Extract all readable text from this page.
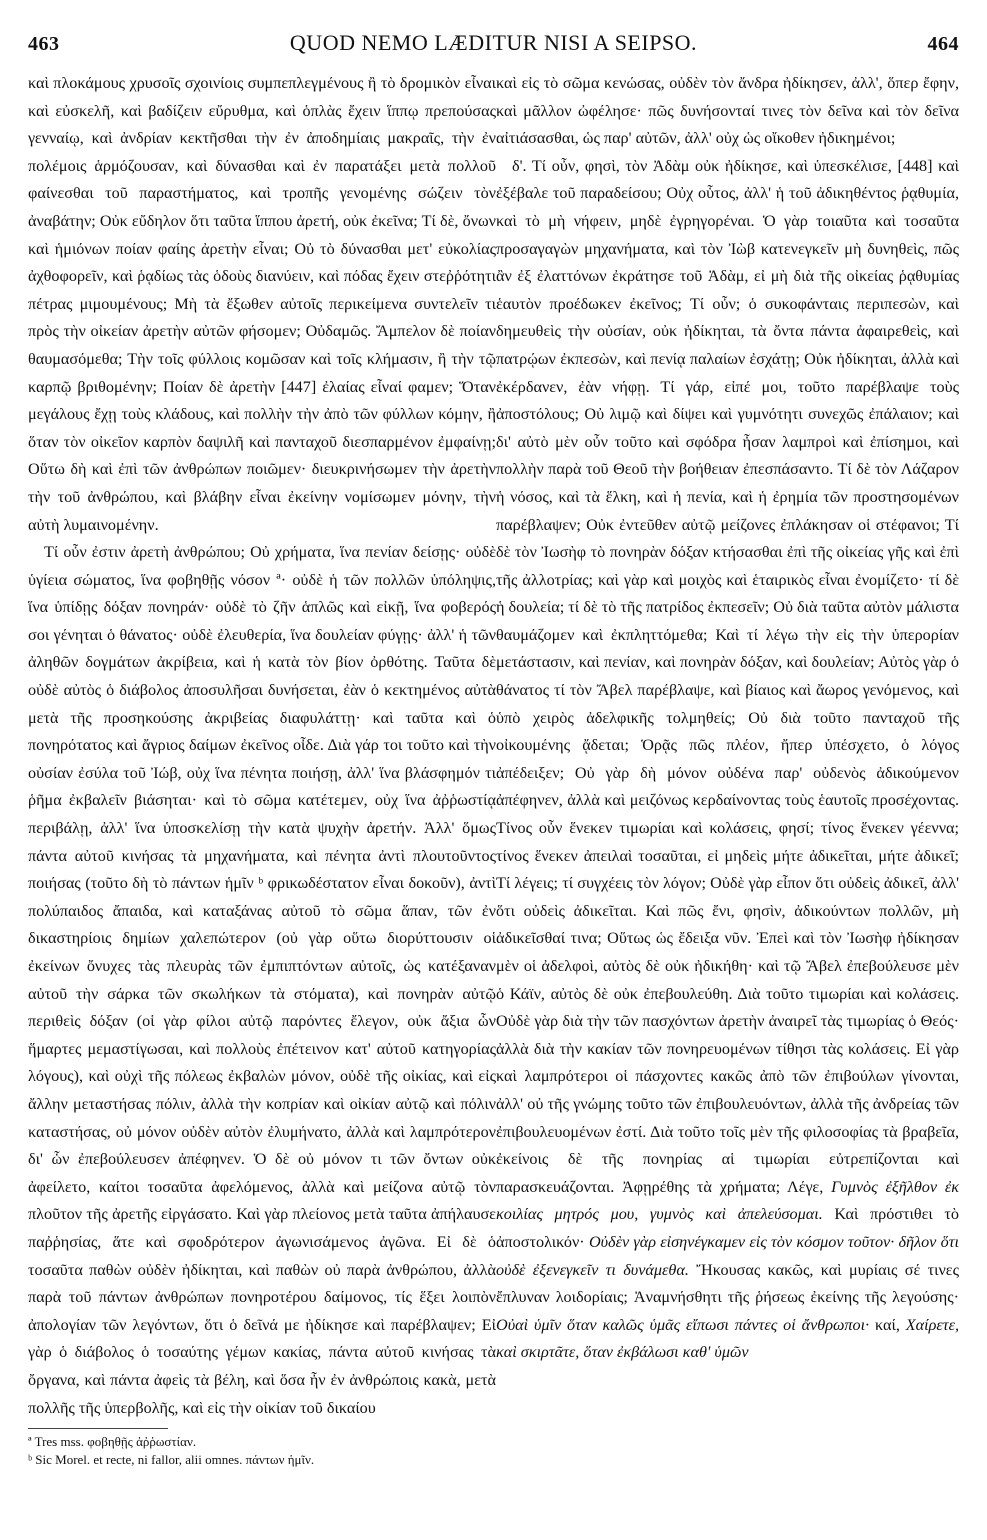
463	QUOD NEMO LÆDITUR NISI A SEIPSO.	464

καὶ πλοκάμους χρυσοῖς σχοινίοις συμπεπλεγμένους ἢ τὸ δρομικὸν εἶναι καὶ εὐσκελῆ, καὶ βαδίζειν εὔρυθμα, καὶ ὁπλὰς ἔχειν ἵππῳ πρεπούσας γενναίῳ, καὶ ἀνδρίαν κεκτῆσθαι τὴν ἐν ἀποδημίαις μακραῖς, τὴν ἐν πολέμοις ἁρμόζουσαν, καὶ δύνασθαι καὶ ἐν παρατάξει μετὰ πολλοῦ φαίνεσθαι τοῦ παραστήματος, καὶ τροπῆς γενομένης σώζειν τὸν ἀναβάτην; Οὐκ εὔδηλον ὅτι ταῦτα ἵππου ἀρετή, οὐκ ἐκεῖνα; Τί δὲ, ὄνων καὶ ἡμιόνων ποίαν φαίης ἀρετὴν εἶναι; Οὐ τὸ δύνασθαι μετ' εὐκολίας ἀχθοφορεῖν, καὶ ῥᾳδίως τὰς ὁδοὺς διανύειν, καὶ πόδας ἔχειν στεῤῥότητι πέτρας μιμουμένους; Μὴ τὰ ἔξωθεν αὐτοῖς περικείμενα συντελεῖν τι πρὸς τὴν οἰκείαν ἀρετὴν αὐτῶν φήσομεν; Οὐδαμῶς. Ἄμπελον δὲ ποίαν θαυμασόμεθα; Τὴν τοῖς φύλλοις κομῶσαν καὶ τοῖς κλήμασιν, ἢ τὴν τῷ καρπῷ βριθομένην; Ποίαν δὲ ἀρετὴν [447] ἐλαίας εἶναί φαμεν; Ὅταν μεγάλους ἔχῃ τοὺς κλάδους, καὶ πολλὴν τὴν ἀπὸ τῶν φύλλων κόμην, ἢ ὅταν τὸν οἰκεῖον καρπὸν δαψιλῆ καὶ πανταχοῦ διεσπαρμένον ἐμφαίνῃ; Οὕτω δὴ καὶ ἐπὶ τῶν ἀνθρώπων ποιῶμεν· διευκρινήσωμεν τὴν ἀρετὴν τὴν τοῦ ἀνθρώπου, καὶ βλάβην εἶναι ἐκείνην νομίσωμεν μόνην, τὴν αὐτὴ λυμαινομένην.

Τί οὖν ἐστιν ἀρετὴ ἀνθρώπου; Οὐ χρήματα, ἵνα πενίαν δείσῃς· οὐδὲ ὑγίεια σώματος, ἵνα φοβηθῇς νόσον ª· οὐδὲ ἡ τῶν πολλῶν ὑπόληψις, ἵνα ὑπίδῃς δόξαν πονηράν· οὐδὲ τὸ ζῆν ἁπλῶς καὶ εἰκῇ, ἵνα φοβερός σοι γένηται ὁ θάνατος· οὐδὲ ἐλευθερία, ἵνα δουλείαν φύγῃς· ἀλλ' ἡ τῶν ἀληθῶν δογμάτων ἀκρίβεια, καὶ ἡ κατὰ τὸν βίον ὀρθότης. Ταῦτα δὲ οὐδὲ αὐτὸς ὁ διάβολος ἀποσυλῆσαι δυνήσεται, ἐὰν ὁ κεκτημένος αὐτὰ μετὰ τῆς προσηκούσης ἀκριβείας διαφυλάττῃ· καὶ ταῦτα καὶ ὁ πονηρότατος καὶ ἄγριος δαίμων ἐκεῖνος οἶδε. Διὰ γάρ τοι τοῦτο καὶ τὴν οὐσίαν ἐσύλα τοῦ Ἰώβ, οὐχ ἵνα πένητα ποιήσῃ, ἀλλ' ἵνα βλάσφημόν τι ῥῆμα ἐκβαλεῖν βιάσηται· καὶ τὸ σῶμα κατέτεμεν, οὐχ ἵνα ἀῤῥωστίᾳ περιβάλῃ, ἀλλ' ἵνα ὑποσκελίσῃ τὴν κατὰ ψυχὴν ἀρετήν. Ἀλλ' ὅμως πάντα αὐτοῦ κινήσας τὰ μηχανήματα, καὶ πένητα ἀντὶ πλουτοῦντος ποιήσας (τοῦτο δὴ τὸ πάντων ἡμῖν ᵇ φρικωδέστατον εἶναι δοκοῦν), ἀντὶ πολύπαιδος ἄπαιδα, καὶ καταξάνας αὐτοῦ τὸ σῶμα ἅπαν, τῶν ἐν δικαστηρίοις δημίων χαλεπώτερον (οὐ γὰρ οὕτω διορύττουσιν οἱ ἐκείνων ὄνυχες τὰς πλευρὰς τῶν ἐμπιπτόντων αὐτοῖς, ὡς κατέξαναν αὐτοῦ τὴν σάρκα τῶν σκωλήκων τὰ στόματα), καὶ πονηρὰν αὐτῷ περιθεὶς δόξαν (οἱ γὰρ φίλοι αὐτῷ παρόντες ἔλεγον, οὐκ ἄξια ὧν ἥμαρτες μεμαστίγωσαι, καὶ πολλοὺς ἐπέτεινον κατ' αὐτοῦ κατηγορίας λόγους), καὶ οὐχὶ τῆς πόλεως ἐκβαλὼν μόνον, οὐδὲ τῆς οἰκίας, καὶ εἰς ἄλλην μεταστήσας πόλιν, ἀλλὰ τὴν κοπρίαν καὶ οἰκίαν αὐτῷ καὶ πόλιν καταστήσας, οὐ μόνον οὐδὲν αὐτὸν ἐλυμήνατο, ἀλλὰ καὶ λαμπρότερον δι' ὧν ἐπεβούλευσεν ἀπέφηνεν. Ὁ δὲ οὐ μόνον τι τῶν ὄντων οὐκ ἀφείλετο, καίτοι τοσαῦτα ἀφελόμενος, ἀλλὰ καὶ μείζονα αὐτῷ τὸν πλοῦτον τῆς ἀρετῆς εἰργάσατο. Καὶ γὰρ πλείονος μετὰ ταῦτα ἀπήλαυσε παῤῥησίας, ἅτε καὶ σφοδρότερον ἀγωνισάμενος ἀγῶνα. Εἰ δὲ ὁ τοσαῦτα παθὼν οὐδὲν ἠδίκηται, καὶ παθὼν οὐ παρὰ ἀνθρώπου, ἀλλὰ παρὰ τοῦ πάντων ἀνθρώπων πονηροτέρου δαίμονος, τίς ἕξει λοιπὸν ἀπολογίαν τῶν λεγόντων, ὅτι ὁ δεῖνά με ἠδίκησε καὶ παρέβλαψεν; Εἰ γὰρ ὁ διάβολος ὁ τοσαύτης γέμων κακίας, πάντα αὐτοῦ κινήσας τὰ ὄργανα, καὶ πάντα ἀφεὶς τὰ βέλη, καὶ ὅσα ἦν ἐν ἀνθρώποις κακὰ, μετὰ πολλῆς τῆς ὑπερβολῆς, καὶ εἰς τὴν οἰκίαν τοῦ δικαίου

ª Tres mss. φοβηθῇς ἀῤῥωστίαν.
ᵇ Sic Morel. et recte, ni fallor, alii omnes. πάντων ἡμῖν.

καὶ εἰς τὸ σῶμα κενώσας, οὐδὲν τὸν ἄνδρα ἠδίκησεν, ἀλλ', ὅπερ ἔφην, καὶ μᾶλλον ὠφέλησε· πῶς δυνήσονταί τινες τὸν δεῖνα καὶ τὸν δεῖνα αἰτιάσασθαι, ὡς παρ' αὐτῶν, ἀλλ' οὐχ ὡς οἴκοθεν ἠδικημένοι;

δ'. Τί οὖν, φησὶ, τὸν Ἀδὰμ οὐκ ἠδίκησε, καὶ ὑπεσκέλισε, [448] καὶ ἐξέβαλε τοῦ παραδείσου; Οὐχ οὗτος, ἀλλ' ἡ τοῦ ἀδικηθέντος ῥᾳθυμία, καὶ τὸ μὴ νήφειν, μηδὲ ἐγρηγορέναι. Ὁ γὰρ τοιαῦτα καὶ τοσαῦτα προσαγαγὼν μηχανήματα, καὶ τὸν Ἰὼβ κατενεγκεῖν μὴ δυνηθεὶς, πῶς ἂν ἐξ ἐλαττόνων ἐκράτησε τοῦ Ἀδὰμ, εἰ μὴ διὰ τῆς οἰκείας ῥᾳθυμίας ἑαυτὸν προέδωκεν ἐκεῖνος; Τί οὖν; ὁ συκοφάνταις περιπεσὼν, καὶ δημευθεὶς τὴν οὐσίαν, οὐκ ἠδίκηται, τὰ ὄντα πάντα ἀφαιρεθεὶς, καὶ πατρῴων ἐκπεσὼν, καὶ πενίᾳ παλαίων ἐσχάτῃ; Οὐκ ἠδίκηται, ἀλλὰ καὶ ἐκέρδανεν, ἐὰν νήφῃ. Τί γάρ, εἰπέ μοι, τοῦτο παρέβλαψε τοὺς ἀποστόλους; Οὐ λιμῷ καὶ δίψει καὶ γυμνότητι συνεχῶς ἐπάλαιον; καὶ δι' αὐτὸ μὲν οὖν τοῦτο καὶ σφόδρα ἦσαν λαμπροὶ καὶ ἐπίσημοι, καὶ πολλὴν παρὰ τοῦ Θεοῦ τὴν βοήθειαν ἐπεσπάσαντο. Τί δὲ τὸν Λάζαρον ἡ νόσος, καὶ τὰ ἕλκη, καὶ ἡ πενία, καὶ ἡ ἐρημία τῶν προστησομένων παρέβλαψεν; Οὐκ ἐντεῦθεν αὐτῷ μείζονες ἐπλάκησαν οἱ στέφανοι; Τί δὲ τὸν Ἰωσὴφ τὸ πονηρὰν δόξαν κτήσασθαι ἐπὶ τῆς οἰκείας γῆς καὶ ἐπὶ τῆς ἀλλοτρίας; καὶ γὰρ καὶ μοιχὸς καὶ ἑταιρικὸς εἶναι ἐνομίζετο· τί δὲ ἡ δουλεία; τί δὲ τὸ τῆς πατρίδος ἐκπεσεῖν; Οὐ διὰ ταῦτα αὐτὸν μάλιστα θαυμάζομεν καὶ ἐκπληττόμεθα; Καὶ τί λέγω τὴν εἰς τὴν ὑπερορίαν μετάστασιν, καὶ πενίαν, καὶ πονηρὰν δόξαν, καὶ δουλείαν; Αὐτὸς γὰρ ὁ θάνατος τί τὸν Ἄβελ παρέβλαψε, καὶ βίαιος καὶ ἄωρος γενόμενος, καὶ ὑπὸ χειρὸς ἀδελφικῆς τολμηθείς; Οὐ διὰ τοῦτο πανταχοῦ τῆς οἰκουμένης ᾄδεται; Ὁρᾷς πῶς πλέον, ἤπερ ὑπέσχετο, ὁ λόγος ἀπέδειξεν; Οὐ γὰρ δὴ μόνον οὐδένα παρ' οὐδενὸς ἀδικούμενον ἀπέφηνεν, ἀλλὰ καὶ μειζόνως κερδαίνοντας τοὺς ἑαυτοῖς προσέχοντας. Τίνος οὖν ἕνεκεν τιμωρίαι καὶ κολάσεις, φησί; τίνος ἕνεκεν γέεννα; τίνος ἕνεκεν ἀπειλαὶ τοσαῦται, εἰ μηδεὶς μήτε ἀδικεῖται, μήτε ἀδικεῖ; Τί λέγεις; τί συγχέεις τὸν λόγον; Οὐδὲ γὰρ εἶπον ὅτι οὐδεὶς ἀδικεῖ, ἀλλ' ὅτι οὐδεὶς ἀδικεῖται. Καὶ πῶς ἔνι, φησὶν, ἀδικούντων πολλῶν, μὴ ἀδικεῖσθαί τινα; Οὕτως ὡς ἔδειξα νῦν. Ἐπεὶ καὶ τὸν Ἰωσὴφ ἠδίκησαν μὲν οἱ ἀδελφοὶ, αὐτὸς δὲ οὐκ ἠδικήθη· καὶ τῷ Ἄβελ ἐπεβούλευσε μὲν ὁ Κάϊν, αὐτὸς δὲ οὐκ ἐπεβουλεύθη. Διὰ τοῦτο τιμωρίαι καὶ κολάσεις. Οὐδὲ γὰρ διὰ τὴν τῶν πασχόντων ἀρετὴν ἀναιρεῖ τὰς τιμωρίας ὁ Θεός· ἀλλὰ διὰ τὴν κακίαν τῶν πονηρευομένων τίθησι τὰς κολάσεις. Εἰ γὰρ καὶ λαμπρότεροι οἱ πάσχοντες κακῶς ἀπὸ τῶν ἐπιβούλων γίνονται, ἀλλ' οὐ τῆς γνώμης τοῦτο τῶν ἐπιβουλευόντων, ἀλλὰ τῆς ἀνδρείας τῶν ἐπιβουλευομένων ἐστί. Διὰ τοῦτο τοῖς μὲν τῆς φιλοσοφίας τὰ βραβεῖα, ἐκείνοις δὲ τῆς πονηρίας αἱ τιμωρίαι εὐτρεπίζονται καὶ παρασκευάζονται. Ἀφῃρέθης τὰ χρήματα; Λέγε, Γυμνὸς ἐξῆλθον ἐκ κοιλίας μητρός μου, γυμνὸς καὶ ἀπελεύσομαι. Καὶ πρόστιθει τὸ ἀποστολικόν· Οὐδὲν γὰρ εἰσηνέγκαμεν εἰς τὸν κόσμον τοῦτον· δῆλον ὅτι οὐδὲ ἐξενεγκεῖν τι δυνάμεθα. Ἤκουσας κακῶς, καὶ μυρίαις σέ τινες ἔπλυναν λοιδορίαις; Ἀναμνήσθητι τῆς ῥήσεως ἐκείνης τῆς λεγούσης· Οὐαὶ ὑμῖν ὅταν καλῶς ὑμᾶς εἴπωσι πάντες οἱ ἄνθρωποι· καί, Χαίρετε, καὶ σκιρτᾶτε, ὅταν ἐκβάλωσι καθ' ὑμῶν
